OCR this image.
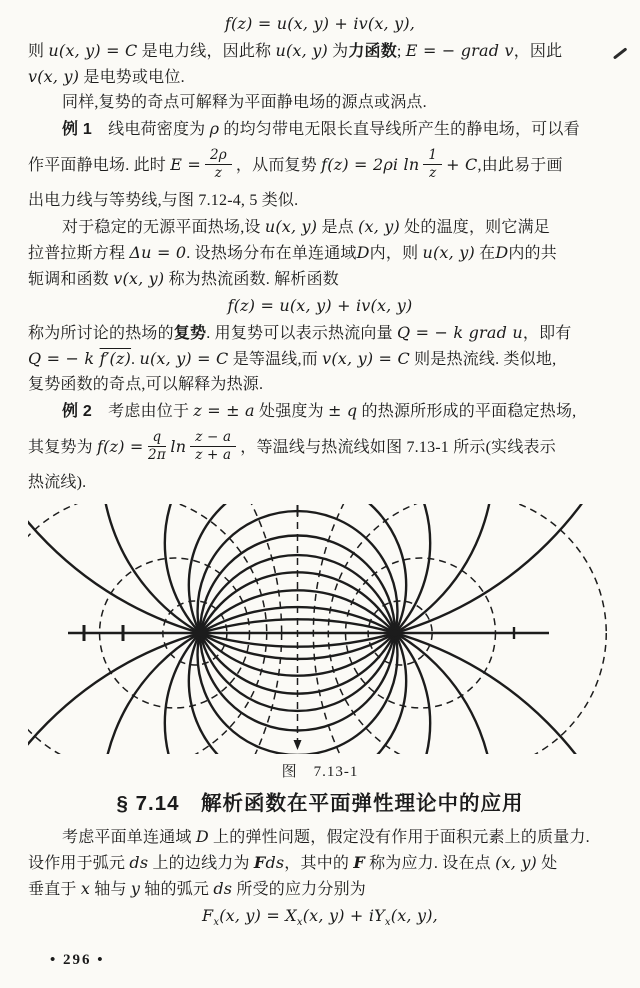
f(z) = u(x, y) + iv(x, y),
则 u(x, y) = C 是电力线，因此称 u(x, y) 为力函数; E = − grad v，因此
v(x, y) 是电势或电位.
同样,复势的奇点可解释为平面静电场的源点或涡点.
例 1　线电荷密度为 ρ 的均匀带电无限长直导线所产生的静电场，可以看
作平面静电场. 此时 $E = \frac{2\rho}{z}$ ，从而复势 f(z) = 2ρi $\ln \frac{1}{z} + C$,由此易于画
出电力线与等势线,与图 7.12-4, 5 类似.
对于稳定的无源平面热场,设 u(x, y) 是点 (x, y) 处的温度，则它满足
拉普拉斯方程 Δu = 0. 设热场分布在单连通域D内，则 u(x, y) 在D内的共
轭调和函数 v(x, y) 称为热流函数. 解析函数
f(z) = u(x, y) + iv(x, y)
称为所讨论的热场的复势. 用复势可以表示热流向量 Q = − k grad u，即有
Q = − k f′(z). u(x, y) = C 是等温线,而 v(x, y) = C 则是热流线. 类似地,
复势函数的奇点,可以解释为热源.
例 2　考虑由位于 z = ± a 处强度为 ± q 的热源所形成的平面稳定热场,
其复势为 $f(z) = \frac{q}{2\pi}$ $\ln \frac{z - a}{z + a}$ ，等温线与热流线如图 7.13-1 所示(实线表示
热流线).
图　7.13-1
§ 7.14　解析函数在平面弹性理论中的应用
考虑平面单连通域 D 上的弹性问题，假定没有作用于面积元素上的质量力.
设作用于弧元 ds 上的边线力为 Fds，其中的 F 称为应力. 设在点 (x, y) 处
垂直于 x 轴与 y 轴的弧元 ds 所受的应力分别为
$F_x(x$, $y) = X_x(x$, $y) + iY_x(x$, y),
• 296 •
